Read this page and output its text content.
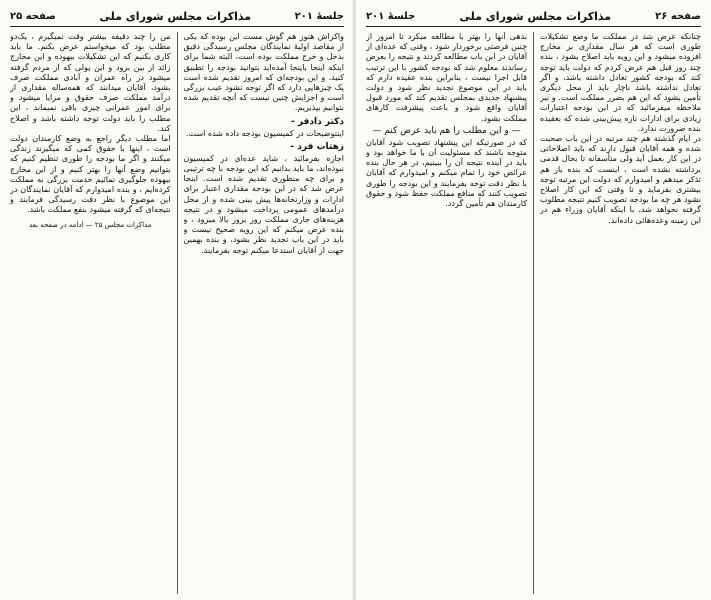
جلسهٔ ۲۰۱
مذاکرات مجلس شورای ملی
صفحه ۲۵

واکراش هنوز هم گوش مست این بوده که یکی از مقاصد اولیهٔ نمایندگان مجلس رسیدگی دقیق بدخل و خرج مملکت بوده است، البته شما برای اینکه اینجا بایتجا آمده‌اید بتوانید بودجه را تطبیق کنید، و این بودجه‌ای که امروز تقدیم شده است یک چیزهایی دارد که اگر توجه نشود عیب بزرگی است و اجزایش چنین نیست که آنچه تقدیم شده بتوانیم بپذیریم.

دکتر دادفر -

اینتوضیحات در کمیسیون بودجه داده شده است.

زهتاب فرد -

اجازه بفرمائید ، شاید عده‌ای در کمیسیون نبوده‌اند، ما باید بدانیم که این بودجه با چه ترتیبی و برای چه منظوری تقدیم شده است. اینجا عرض شد که در این بودجه مقداری اعتبار برای ادارات و وزارتخانه‌ها پیش بینی شده و از محل درآمدهای عمومی پرداخت میشود و در نتیجه هزینه‌های جاری مملکت روز بروز بالا میرود ، و بنده عرض میکنم که این رویه صحیح نیست و باید در این باب تجدید نظر بشود، و بنده بهمین جهت از آقایان استدعا میکنم توجه بفرمایند.

من را چند دقیقه بیشتر وقت نمیگیرم ، یک‌دو مطلب بود که میخواستم عرض بکنم. ما باید کاری بکنیم که این تشکیلات بیهوده و این مخارج زائد از بین برود و این پولی که از مردم گرفته میشود در راه عمران و آبادی مملکت صرف بشود، آقایان میدانند که همه‌ساله مقداری از درآمد مملکت صرف حقوق و مزایا میشود و برای امور عمرانی چیزی باقی نمیماند ، این مطلب را باید دولت توجه داشته باشد و اصلاح کند.

اما مطلب دیگر راجع به وضع کارمندان دولت است ، اینها با حقوق کمی که میگیرند زندگی میکنند و اگر ما بودجه را طوری تنظیم کنیم که بتوانیم وضع آنها را بهتر کنیم و از این مخارج بیهوده جلوگیری نمائیم خدمت بزرگی به مملکت کرده‌ایم ، و بنده امیدوارم که آقایان نمایندگان در این موضوع با نظر دقت رسیدگی فرمایند و نتیجه‌ای که گرفته میشود بنفع مملکت باشد.

مذاکرات مجلس ۲۵ — ادامه در صفحه بعد

صفحه ۲۶
مذاکرات مجلس شورای ملی
جلسهٔ ۲۰۱

چنانکه عرض شد در مملکت ما وضع تشکیلات طوری است که هر سال مقداری بر مخارج افزوده میشود و این رویه باید اصلاح بشود ، بنده چند روز قبل هم عرض کردم که دولت باید توجه کند که بودجه کشور تعادل داشته باشد، و اگر تعادل نداشته باشد ناچار باید از محل دیگری تأمین بشود که این هم بضرر مملکت است. و نیز ملاحظه میفرمائید که در این بودجه اعتبارات زیادی برای ادارات تازه پیش‌بینی شده که بعقیده بنده ضرورت ندارد.

در ایام گذشته هم چند مرتبه در این باب صحبت شده و همه آقایان قبول دارند که باید اصلاحاتی در این کار بعمل آید ولی متأسفانه تا بحال قدمی برداشته نشده است ، اینست که بنده باز هم تذکر میدهم و امیدوارم که دولت این مرتبه توجه بیشتری بفرماید و تا وقتی که این کار اصلاح نشود هر چه ما بودجه تصویب کنیم نتیجه مطلوب گرفته نخواهد شد، با اینکه آقایان وزراء هم در این زمینه وعده‌هائی داده‌اند.

بدهی آنها را بهتر با مطالعه میکرد تا امروز از چنین فرصتی برخوردار شود ، وقتی که عده‌ای از آقایان در این باب مطالعه کردند و نتیجه را بعرض رساندند معلوم شد که بودجه کشور با این ترتیب قابل اجرا نیست ، بنابراین بنده عقیده دارم که باید در این موضوع تجدید نظر شود و دولت پیشنهاد جدیدی بمجلس تقدیم کند که مورد قبول آقایان واقع شود و باعث پیشرفت کارهای مملکت بشود.

— و این مطلب را هم باید عرض کنم —

که در صورتیکه این پیشنهاد تصویب شود آقایان متوجه باشند که مسئولیت آن با ما خواهد بود و باید در آینده نتیجه آن را ببینیم، در هر حال بنده عرائض خود را تمام میکنم و امیدوارم که آقایان با نظر دقت توجه بفرمایند و این بودجه را طوری تصویب کنند که منافع مملکت حفظ شود و حقوق کارمندان هم تأمین گردد.
